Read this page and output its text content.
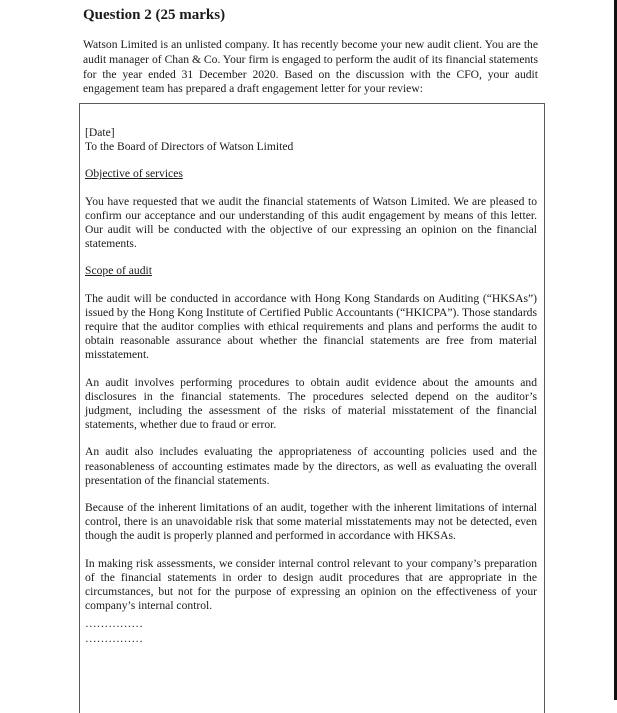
Question 2 (25 marks)
Watson Limited is an unlisted company. It has recently become your new audit client. You are the audit manager of Chan & Co. Your firm is engaged to perform the audit of its financial statements for the year ended 31 December 2020. Based on the discussion with the CFO, your audit engagement team has prepared a draft engagement letter for your review:
[Date]
To the Board of Directors of Watson Limited
Objective of services
You have requested that we audit the financial statements of Watson Limited. We are pleased to confirm our acceptance and our understanding of this audit engagement by means of this letter. Our audit will be conducted with the objective of our expressing an opinion on the financial statements.
Scope of audit
The audit will be conducted in accordance with Hong Kong Standards on Auditing (“HKSAs”) issued by the Hong Kong Institute of Certified Public Accountants (“HKICPA”). Those standards require that the auditor complies with ethical requirements and plans and performs the audit to obtain reasonable assurance about whether the financial statements are free from material misstatement.
An audit involves performing procedures to obtain audit evidence about the amounts and disclosures in the financial statements. The procedures selected depend on the auditor’s judgment, including the assessment of the risks of material misstatement of the financial statements, whether due to fraud or error.
An audit also includes evaluating the appropriateness of accounting policies used and the reasonableness of accounting estimates made by the directors, as well as evaluating the overall presentation of the financial statements.
Because of the inherent limitations of an audit, together with the inherent limitations of internal control, there is an unavoidable risk that some material misstatements may not be detected, even though the audit is properly planned and performed in accordance with HKSAs.
In making risk assessments, we consider internal control relevant to your company’s preparation of the financial statements in order to design audit procedures that are appropriate in the circumstances, but not for the purpose of expressing an opinion on the effectiveness of your company’s internal control.
……………
……………
